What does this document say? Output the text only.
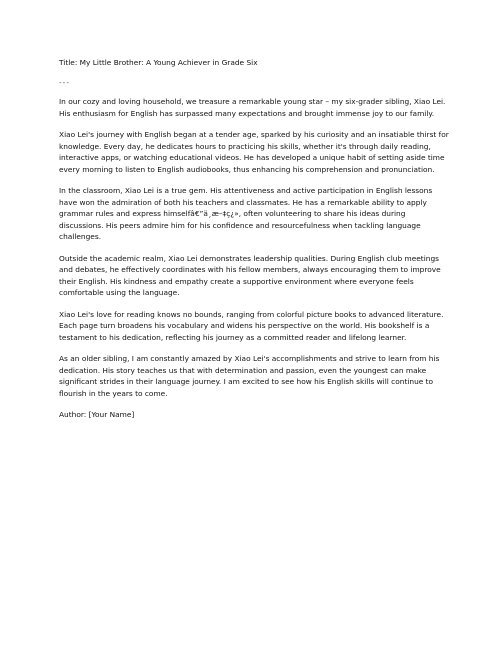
Title: My Little Brother: A Young Achiever in Grade Six
---
In our cozy and loving household, we treasure a remarkable young star – my six-grader sibling, Xiao Lei.
His enthusiasm for English has surpassed many expectations and brought immense joy to our family.
Xiao Lei's journey with English began at a tender age, sparked by his curiosity and an insatiable thirst for
knowledge. Every day, he dedicates hours to practicing his skills, whether it's through daily reading,
interactive apps, or watching educational videos. He has developed a unique habit of setting aside time
every morning to listen to English audiobooks, thus enhancing his comprehension and pronunciation.
In the classroom, Xiao Lei is a true gem. His attentiveness and active participation in English lessons
have won the admiration of both his teachers and classmates. He has a remarkable ability to apply
grammar rules and express himselfâ€”ä¸æ–‡ç¿», often volunteering to share his ideas during
discussions. His peers admire him for his confidence and resourcefulness when tackling language
challenges.
Outside the academic realm, Xiao Lei demonstrates leadership qualities. During English club meetings
and debates, he effectively coordinates with his fellow members, always encouraging them to improve
their English. His kindness and empathy create a supportive environment where everyone feels
comfortable using the language.
Xiao Lei's love for reading knows no bounds, ranging from colorful picture books to advanced literature.
Each page turn broadens his vocabulary and widens his perspective on the world. His bookshelf is a
testament to his dedication, reflecting his journey as a committed reader and lifelong learner.
As an older sibling, I am constantly amazed by Xiao Lei's accomplishments and strive to learn from his
dedication. His story teaches us that with determination and passion, even the youngest can make
significant strides in their language journey. I am excited to see how his English skills will continue to
flourish in the years to come.
Author: [Your Name]
